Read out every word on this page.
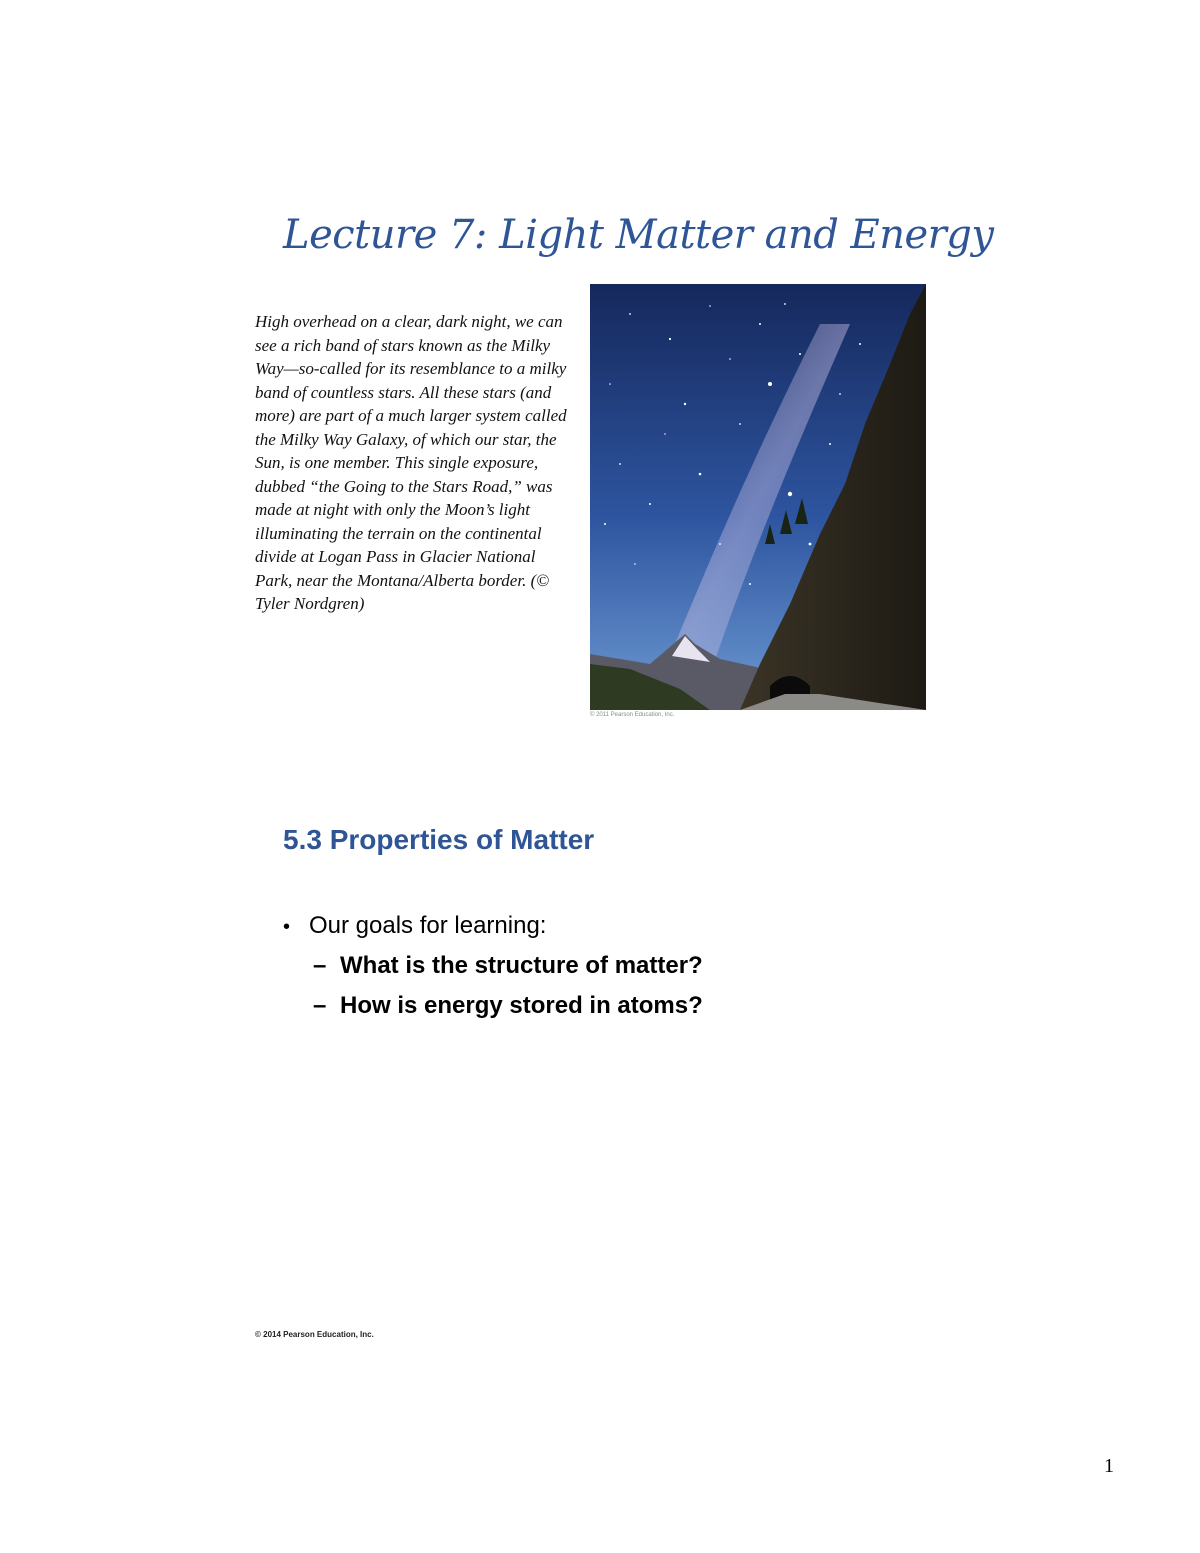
Lecture 7: Light Matter and Energy

High overhead on a clear, dark night, we can see a rich band of stars known as the Milky Way—so-called for its resemblance to a milky band of countless stars. All these stars (and more) are part of a much larger system called the Milky Way Galaxy, of which our star, the Sun, is one member. This single exposure, dubbed “the Going to the Stars Road,” was made at night with only the Moon’s light illuminating the terrain on the continental divide at Logan Pass in Glacier National Park, near the Montana/Alberta border. (© Tyler Nordgren)

© 2011 Pearson Education, Inc.
5.3 Properties of Matter
• Our goals for learning:
– What is the structure of matter?
– How is energy stored in atoms?
© 2014 Pearson Education, Inc.
1
